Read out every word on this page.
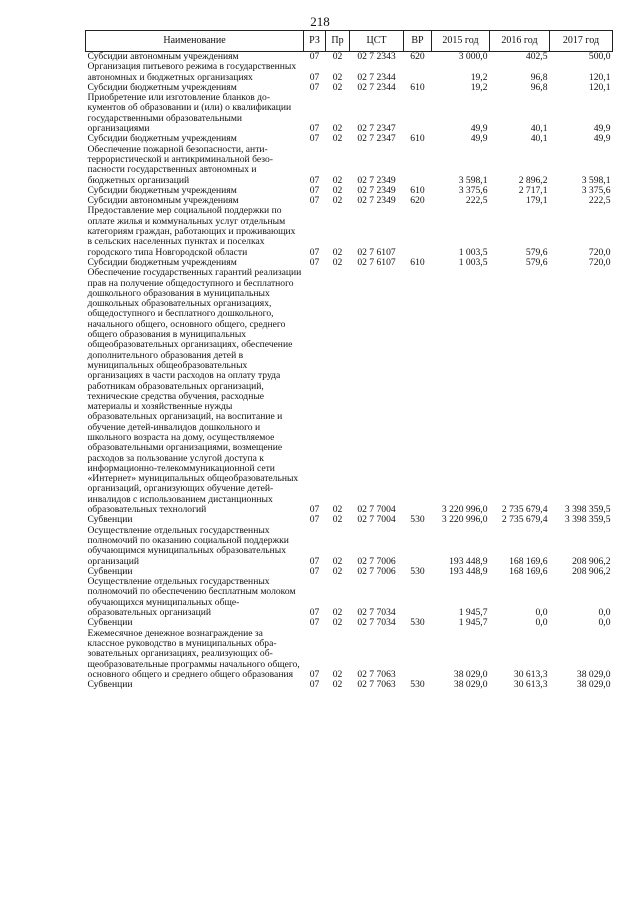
218
Наименование	РЗ	Пр	ЦСТ	ВР	2015 год	2016 год	2017 год
Субсидии автономным учреждениям	07	02	02 7 2343	620	3 000,0	402,5	500,0
Организация питьевого режима в государственных автономных и бюджетных организациях	07	02	02 7 2344		19,2	96,8	120,1
Субсидии бюджетным учреждениям	07	02	02 7 2344	610	19,2	96,8	120,1
Приобретение или изготовление бланков документов об образовании и (или) о квалификации государственными образовательными организациями	07	02	02 7 2347		49,9	40,1	49,9
Субсидии бюджетным учреждениям	07	02	02 7 2347	610	49,9	40,1	49,9
Обеспечение пожарной безопасности, антитеррористической и антикриминальной безопасности государственных автономных и бюджетных организаций	07	02	02 7 2349		3 598,1	2 896,2	3 598,1
Субсидии бюджетным учреждениям	07	02	02 7 2349	610	3 375,6	2 717,1	3 375,6
Субсидии автономным учреждениям	07	02	02 7 2349	620	222,5	179,1	222,5
Предоставление мер социальной поддержки по оплате жилья и коммунальных услуг отдельным категориям граждан, работающих и проживающих в сельских населенных пунктах и поселках городского типа Новгородской области	07	02	02 7 6107		1 003,5	579,6	720,0
Субсидии бюджетным учреждениям	07	02	02 7 6107	610	1 003,5	579,6	720,0
Обеспечение государственных гарантий реализации прав на получение общедоступного и бесплатного дошкольного образования в муниципальных дошкольных образовательных организациях, общедоступного и бесплатного дошкольного, начального общего, основного общего, среднего общего образования в муниципальных общеобразовательных организациях, обеспечение дополнительного образования детей в муниципальных общеобразовательных организациях в части расходов на оплату труда работникам образовательных организаций, технические средства обучения, расходные материалы и хозяйственные нужды образовательных организаций, на воспитание и обучение детей-инвалидов дошкольного и школьного возраста на дому, осуществляемое образовательными организациями, возмещение расходов за пользование услугой доступа к информационно-телекоммуникационной сети «Интернет» муниципальных общеобразовательных организаций, организующих обучение детей-инвалидов с использованием дистанционных образовательных технологий	07	02	02 7 7004		3 220 996,0	2 735 679,4	3 398 359,5
Субвенции	07	02	02 7 7004	530	3 220 996,0	2 735 679,4	3 398 359,5
Осуществление отдельных государственных полномочий по оказанию социальной поддержки обучающимся муниципальных образовательных организаций	07	02	02 7 7006		193 448,9	168 169,6	208 906,2
Субвенции	07	02	02 7 7006	530	193 448,9	168 169,6	208 906,2
Осуществление отдельных государственных полномочий по обеспечению бесплатным молоком обучающихся муниципальных общеобразовательных организаций	07	02	02 7 7034		1 945,7	0,0	0,0
Субвенции	07	02	02 7 7034	530	1 945,7	0,0	0,0
Ежемесячное денежное вознаграждение за классное руководство в муниципальных образовательных организациях, реализующих общеобразовательные программы начального общего, основного общего и среднего общего образования	07	02	02 7 7063		38 029,0	30 613,3	38 029,0
Субвенции	07	02	02 7 7063	530	38 029,0	30 613,3	38 029,0
